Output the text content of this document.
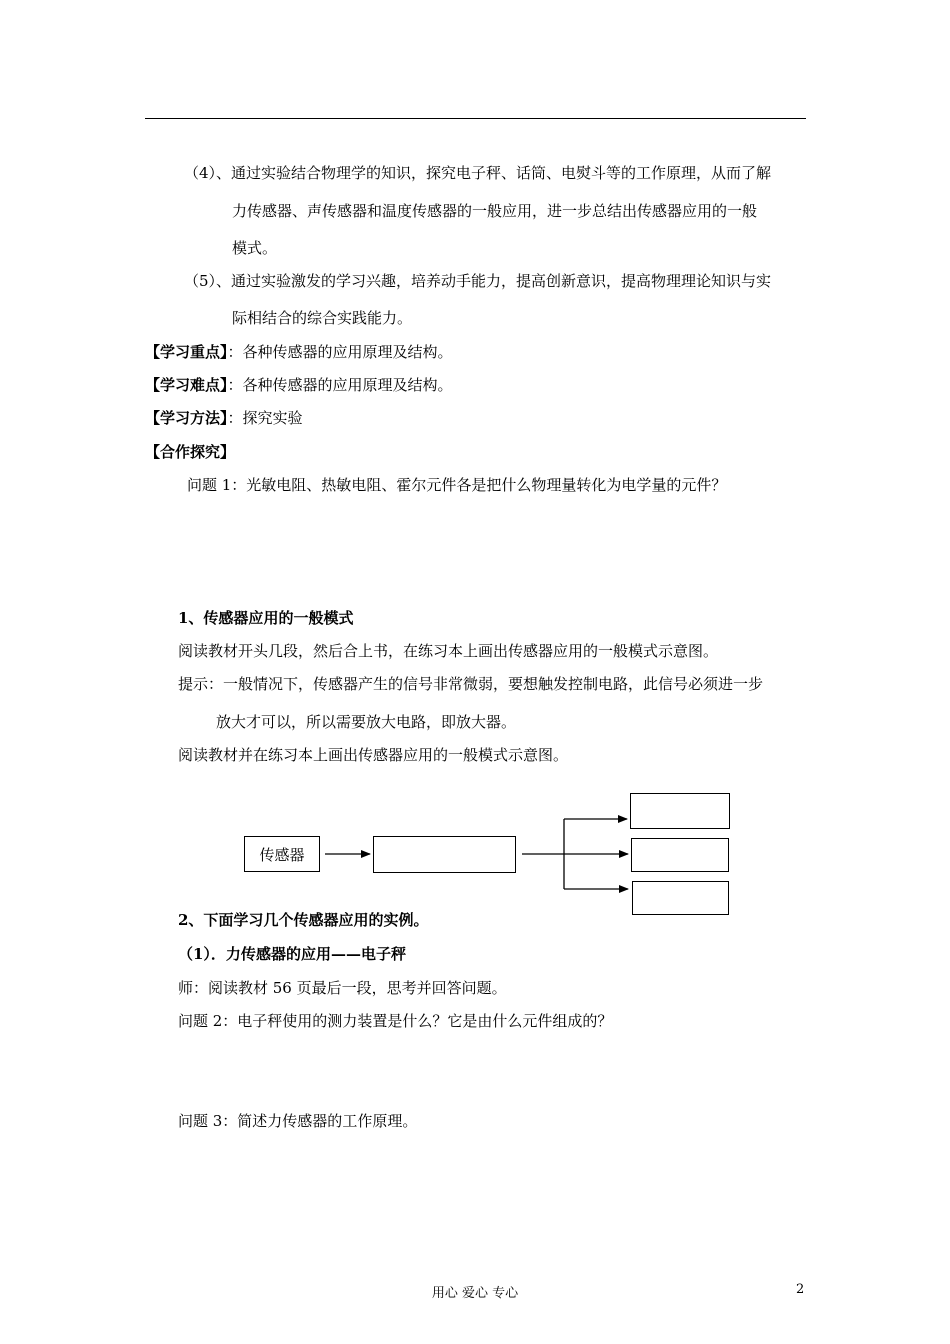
（4）、通过实验结合物理学的知识，探究电子秤、话筒、电熨斗等的工作原理，从而了解
力传感器、声传感器和温度传感器的一般应用，进一步总结出传感器应用的一般
模式。
（5）、通过实验激发的学习兴趣，培养动手能力，提高创新意识，提高物理理论知识与实
际相结合的综合实践能力。
【学习重点】：各种传感器的应用原理及结构。
【学习难点】：各种传感器的应用原理及结构。
【学习方法】：探究实验
【合作探究】
问题 1：光敏电阻、热敏电阻、霍尔元件各是把什么物理量转化为电学量的元件？
1、传感器应用的一般模式
阅读教材开头几段，然后合上书，在练习本上画出传感器应用的一般模式示意图。
提示：一般情况下，传感器产生的信号非常微弱，要想触发控制电路，此信号必须进一步
放大才可以，所以需要放大电路，即放大器。
阅读教材并在练习本上画出传感器应用的一般模式示意图。
传感器
2、下面学习几个传感器应用的实例。
（1）．力传感器的应用——电子秤
师：阅读教材 56 页最后一段，思考并回答问题。
问题 2：电子秤使用的测力装置是什么？它是由什么元件组成的？
问题 3：简述力传感器的工作原理。
用心 爱心 专心	2
